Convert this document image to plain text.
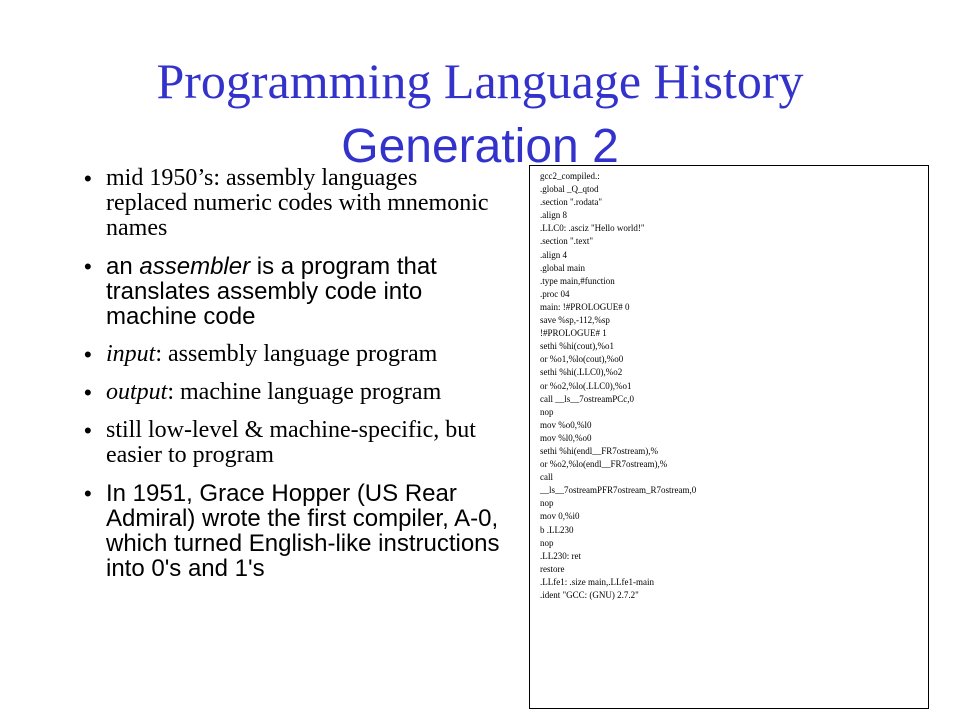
Programming Language History
Generation 2
• mid 1950’s: assembly languages replaced numeric codes with mnemonic names
• an assembler is a program that translates assembly code into machine code
• input: assembly language program
• output: machine language program
• still low-level & machine-specific, but easier to program
• In 1951, Grace Hopper (US Rear Admiral) wrote the first compiler, A-0, which turned English-like instructions into 0's and 1's
gcc2_compiled.:
.global _Q_qtod
.section ".rodata"
.align 8
.LLC0: .asciz "Hello world!"
.section ".text"
.align 4
.global main
.type main,#function
.proc 04
main: !#PROLOGUE# 0
save %sp,-112,%sp
!#PROLOGUE# 1
sethi %hi(cout),%o1
or %o1,%lo(cout),%o0
sethi %hi(.LLC0),%o2
or %o2,%lo(.LLC0),%o1
call __ls__7ostreamPCc,0
nop
mov %o0,%l0
mov %l0,%o0
sethi %hi(endl__FR7ostream),%
or %o2,%lo(endl__FR7ostream),%
call
__ls__7ostreamPFR7ostream_R7ostream,0
nop
mov 0,%i0
b .LL230
nop
.LL230: ret
restore
.LLfe1: .size main,.LLfe1-main
.ident "GCC: (GNU) 2.7.2"
